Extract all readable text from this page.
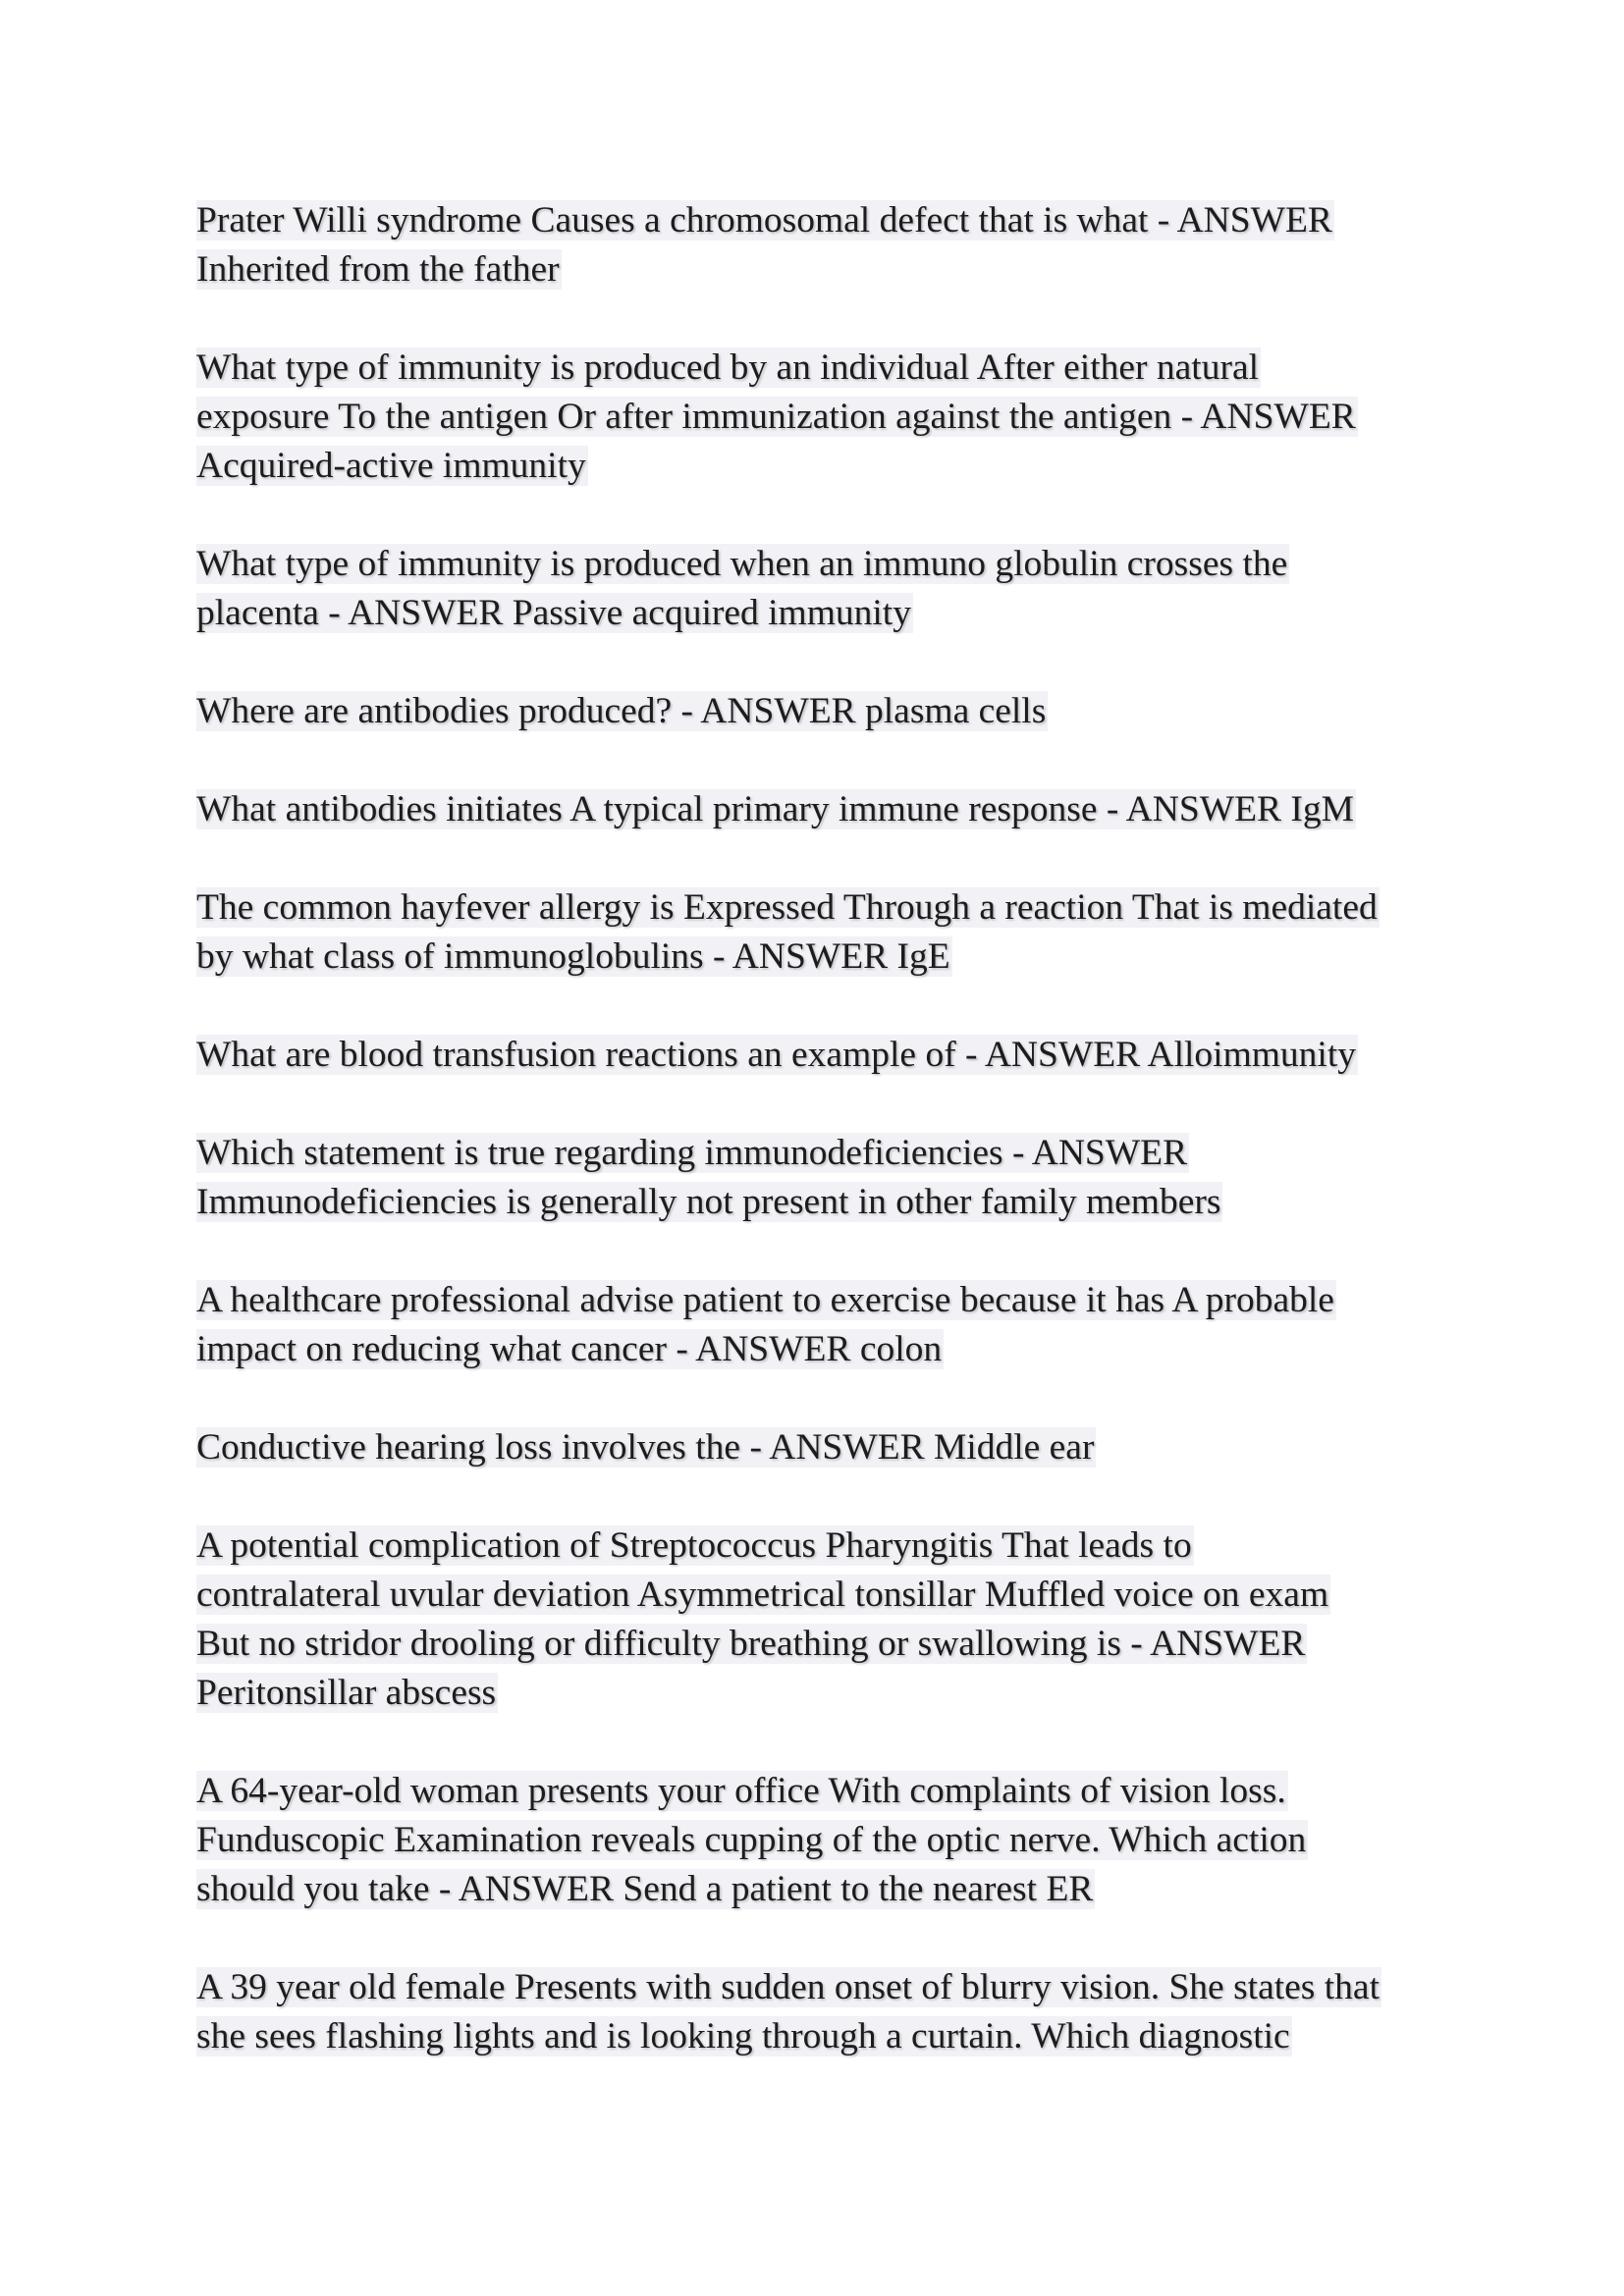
Prater Willi syndrome Causes a chromosomal defect that is what - ANSWER
Inherited from the father
What type of immunity is produced by an individual After either natural
exposure To the antigen Or after immunization against the antigen - ANSWER
Acquired-active immunity
What type of immunity is produced when an immuno globulin crosses the
placenta - ANSWER Passive acquired immunity
Where are antibodies produced? - ANSWER plasma cells
What antibodies initiates A typical primary immune response - ANSWER IgM
The common hayfever allergy is Expressed Through a reaction That is mediated
by what class of immunoglobulins - ANSWER IgE
What are blood transfusion reactions an example of - ANSWER Alloimmunity
Which statement is true regarding immunodeficiencies - ANSWER
Immunodeficiencies is generally not present in other family members
A healthcare professional advise patient to exercise because it has A probable
impact on reducing what cancer - ANSWER colon
Conductive hearing loss involves the - ANSWER Middle ear
A potential complication of Streptococcus Pharyngitis That leads to
contralateral uvular deviation Asymmetrical tonsillar Muffled voice on exam
But no stridor drooling or difficulty breathing or swallowing is - ANSWER
Peritonsillar abscess
A 64-year-old woman presents your office With complaints of vision loss.
Funduscopic Examination reveals cupping of the optic nerve. Which action
should you take - ANSWER Send a patient to the nearest ER
A 39 year old female Presents with sudden onset of blurry vision. She states that
she sees flashing lights and is looking through a curtain. Which diagnostic
